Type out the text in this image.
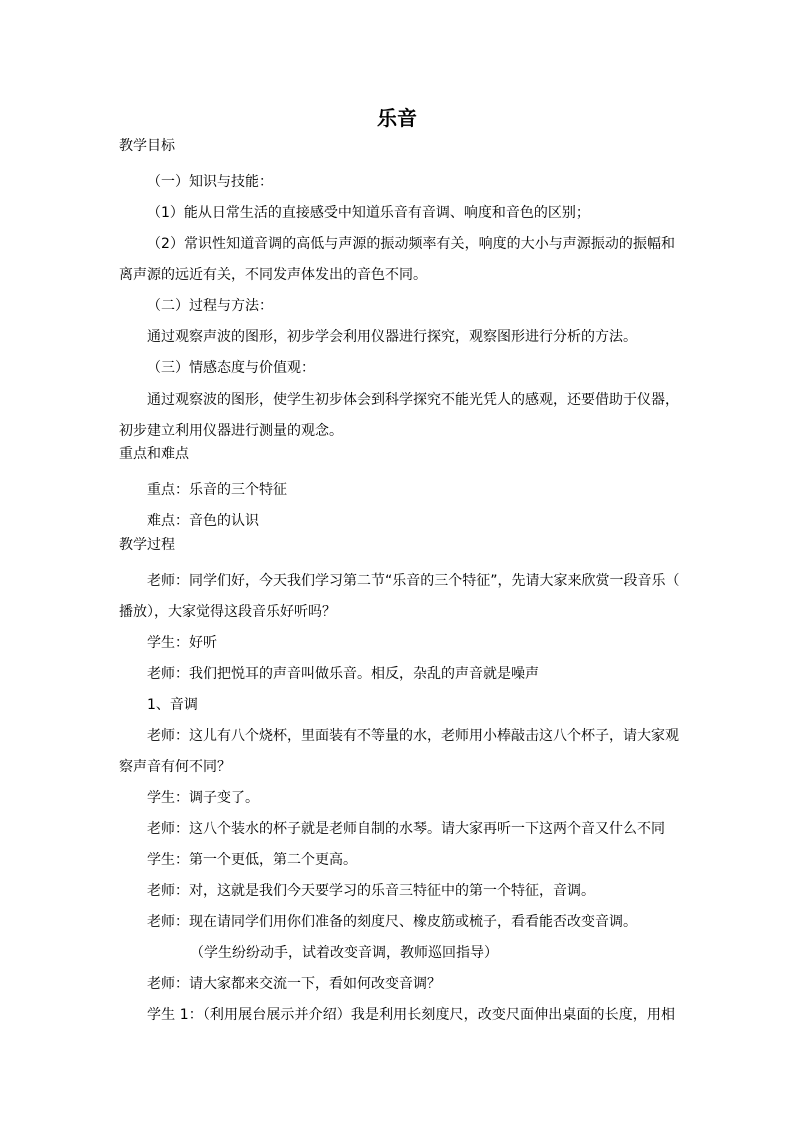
乐音

教学目标

（一）知识与技能：

（1）能从日常生活的直接感受中知道乐音有音调、响度和音色的区别；

（2）常识性知道音调的高低与声源的振动频率有关，响度的大小与声源振动的振幅和

离声源的远近有关，不同发声体发出的音色不同。

（二）过程与方法：

通过观察声波的图形，初步学会利用仪器进行探究，观察图形进行分析的方法。

（三）情感态度与价值观：

通过观察波的图形，使学生初步体会到科学探究不能光凭人的感观，还要借助于仪器，

初步建立利用仪器进行测量的观念。

重点和难点

重点：乐音的三个特征

难点：音色的认识

教学过程

老师：同学们好，今天我们学习第二节“乐音的三个特征”，先请大家来欣赏一段音乐（

播放），大家觉得这段音乐好听吗？

学生：好听

老师：我们把悦耳的声音叫做乐音。相反，杂乱的声音就是噪声

1、音调

老师：这儿有八个烧杯，里面装有不等量的水，老师用小棒敲击这八个杯子，请大家观

察声音有何不同？

学生：调子变了。

老师：这八个装水的杯子就是老师自制的水琴。请大家再听一下这两个音又什么不同

学生：第一个更低，第二个更高。

老师：对，这就是我们今天要学习的乐音三特征中的第一个特征，音调。

老师：现在请同学们用你们准备的刻度尺、橡皮筋或梳子，看看能否改变音调。

（学生纷纷动手，试着改变音调，教师巡回指导）

老师：请大家都来交流一下，看如何改变音调？

学生 1：（利用展台展示并介绍）我是利用长刻度尺，改变尺面伸出桌面的长度，用相
